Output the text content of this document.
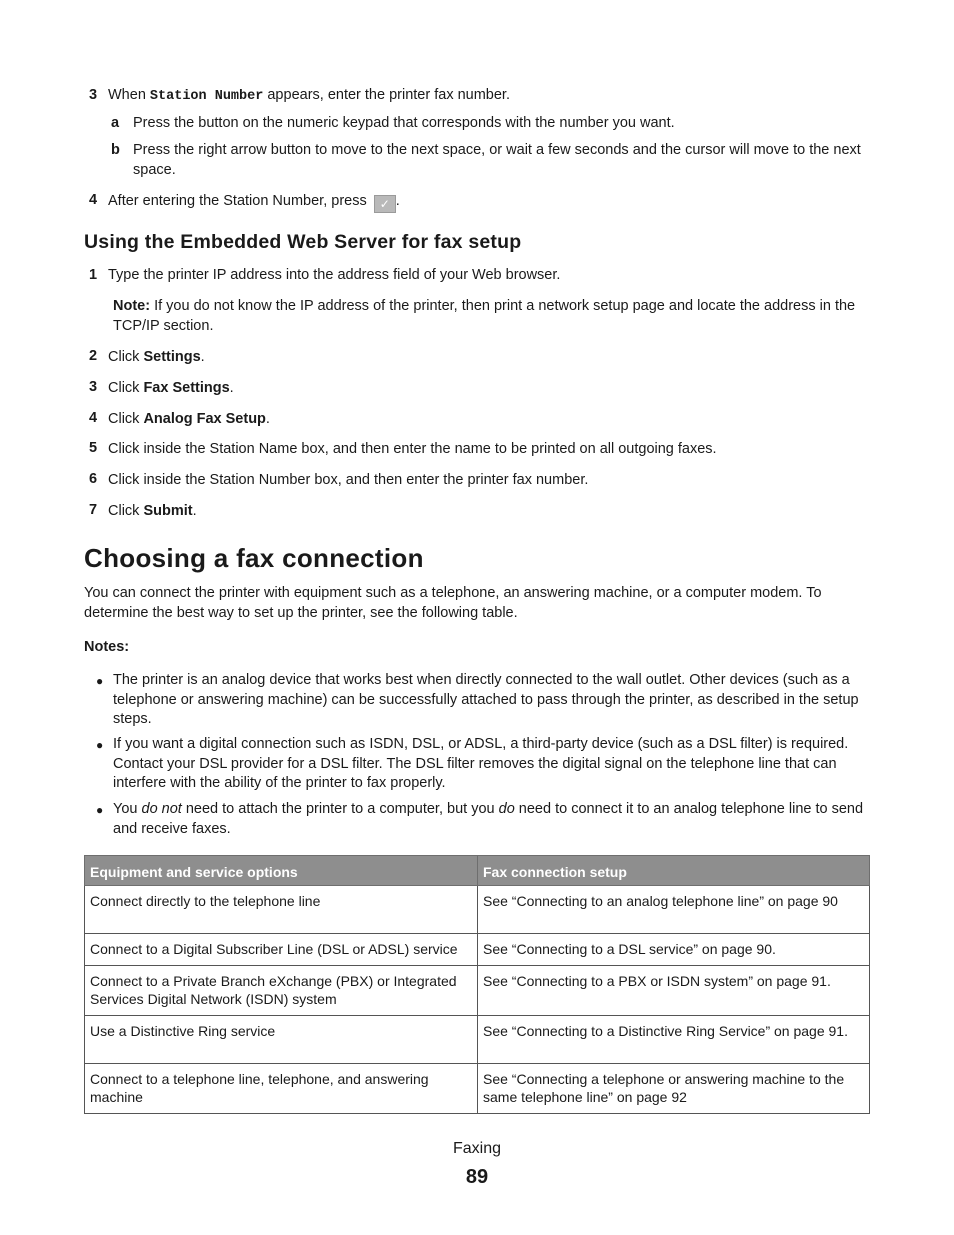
3 When Station Number appears, enter the printer fax number.
a Press the button on the numeric keypad that corresponds with the number you want.
b Press the right arrow button to move to the next space, or wait a few seconds and the cursor will move to the next space.
4 After entering the Station Number, press ✓ .
Using the Embedded Web Server for fax setup
1 Type the printer IP address into the address field of your Web browser.
Note: If you do not know the IP address of the printer, then print a network setup page and locate the address in the TCP/IP section.
2 Click Settings.
3 Click Fax Settings.
4 Click Analog Fax Setup.
5 Click inside the Station Name box, and then enter the name to be printed on all outgoing faxes.
6 Click inside the Station Number box, and then enter the printer fax number.
7 Click Submit.
Choosing a fax connection
You can connect the printer with equipment such as a telephone, an answering machine, or a computer modem. To determine the best way to set up the printer, see the following table.
Notes:
● The printer is an analog device that works best when directly connected to the wall outlet. Other devices (such as a telephone or answering machine) can be successfully attached to pass through the printer, as described in the setup steps.
● If you want a digital connection such as ISDN, DSL, or ADSL, a third-party device (such as a DSL filter) is required. Contact your DSL provider for a DSL filter. The DSL filter removes the digital signal on the telephone line that can interfere with the ability of the printer to fax properly.
● You do not need to attach the printer to a computer, but you do need to connect it to an analog telephone line to send and receive faxes.
Equipment and service options	Fax connection setup
Connect directly to the telephone line	See “Connecting to an analog telephone line” on page 90
Connect to a Digital Subscriber Line (DSL or ADSL) service	See “Connecting to a DSL service” on page 90.
Connect to a Private Branch eXchange (PBX) or Integrated Services Digital Network (ISDN) system	See “Connecting to a PBX or ISDN system” on page 91.
Use a Distinctive Ring service	See “Connecting to a Distinctive Ring Service” on page 91.
Connect to a telephone line, telephone, and answering machine	See “Connecting a telephone or answering machine to the same telephone line” on page 92
Faxing
89
